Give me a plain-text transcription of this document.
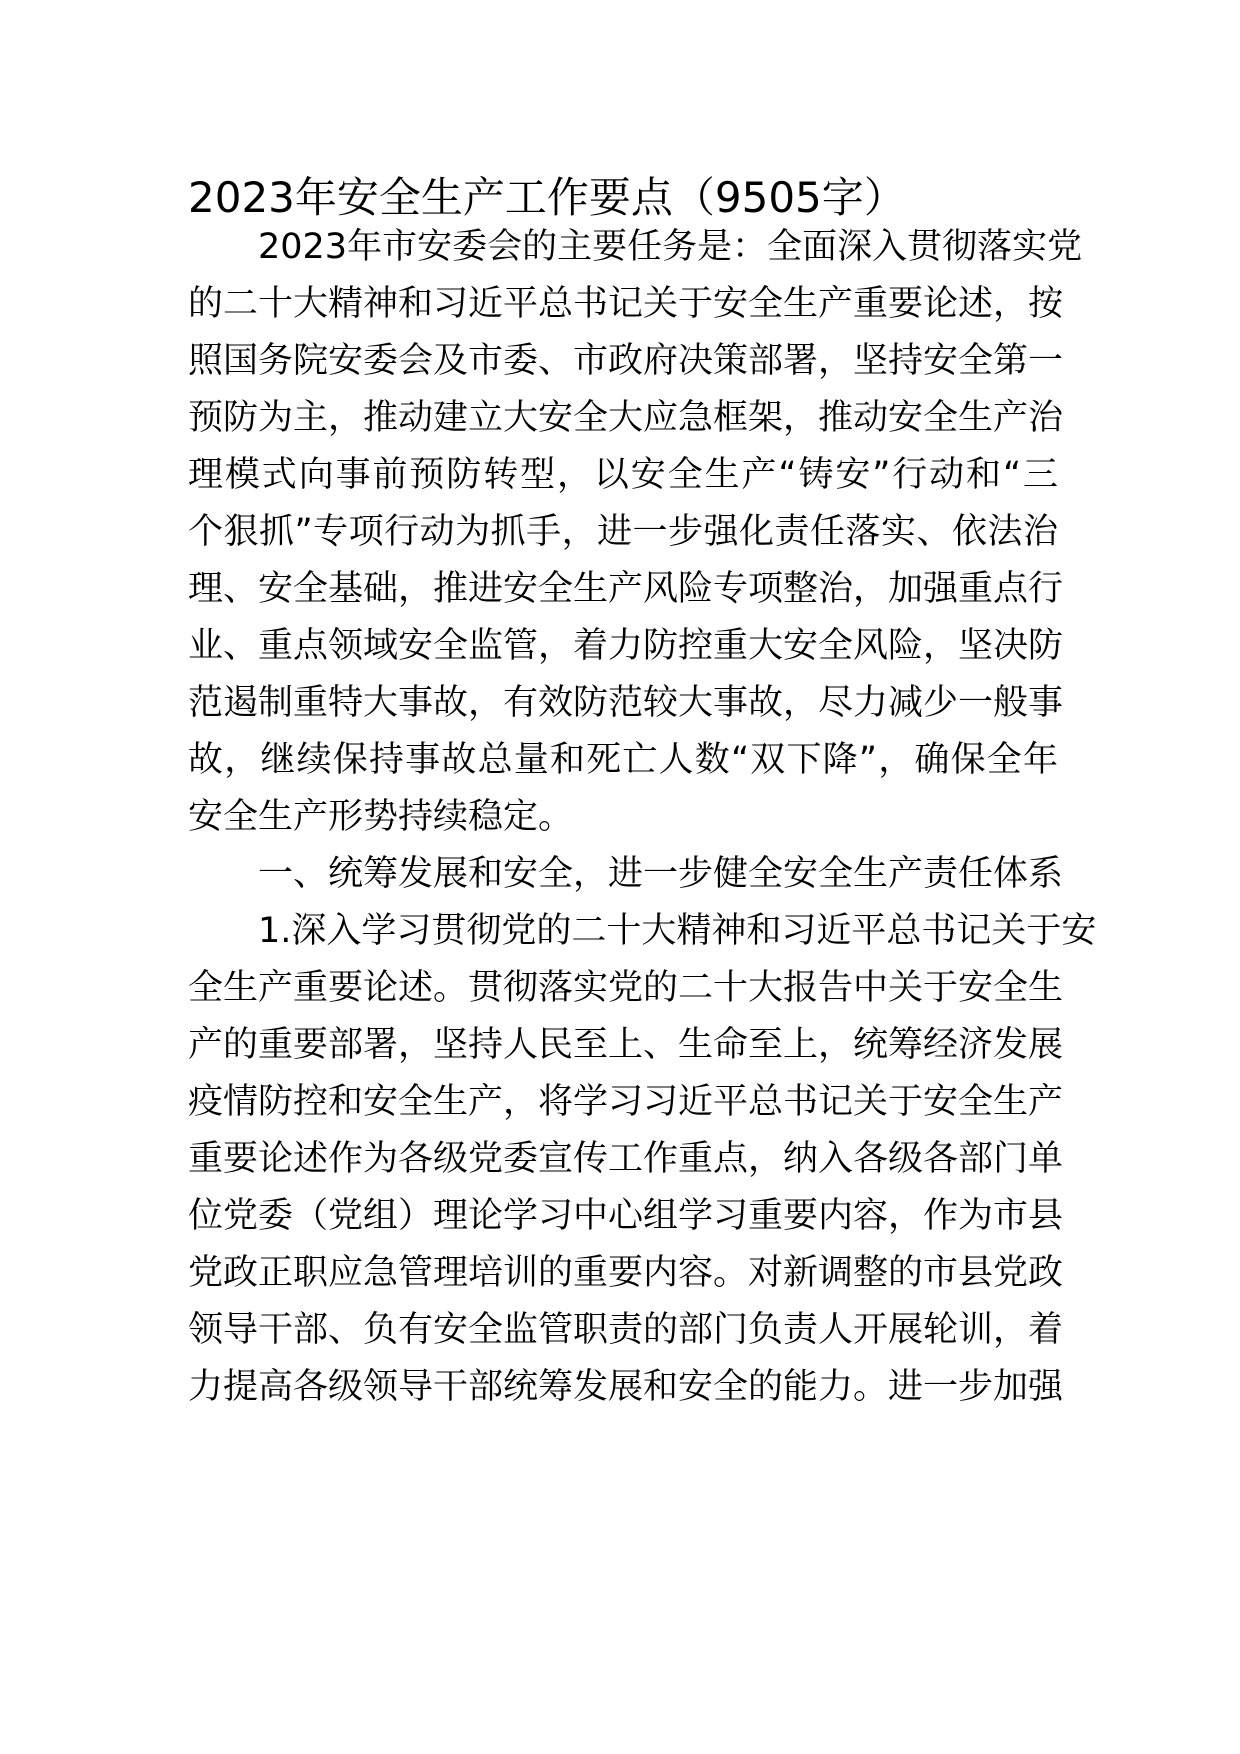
2023年安全生产工作要点（9505字）
2023年市安委会的主要任务是：全面深入贯彻落实党
的二十大精神和习近平总书记关于安全生产重要论述，按
照国务院安委会及市委、市政府决策部署，坚持安全第一
预防为主，推动建立大安全大应急框架，推动安全生产治
理模式向事前预防转型，以安全生产“铸安”行动和“三
个狠抓”专项行动为抓手，进一步强化责任落实、依法治
理、安全基础，推进安全生产风险专项整治，加强重点行
业、重点领域安全监管，着力防控重大安全风险，坚决防
范遏制重特大事故，有效防范较大事故，尽力减少一般事
故，继续保持事故总量和死亡人数“双下降”，确保全年
安全生产形势持续稳定。
一、统筹发展和安全，进一步健全安全生产责任体系
1.深入学习贯彻党的二十大精神和习近平总书记关于安
全生产重要论述。贯彻落实党的二十大报告中关于安全生
产的重要部署，坚持人民至上、生命至上，统筹经济发展
疫情防控和安全生产，将学习习近平总书记关于安全生产
重要论述作为各级党委宣传工作重点，纳入各级各部门单
位党委（党组）理论学习中心组学习重要内容，作为市县
党政正职应急管理培训的重要内容。对新调整的市县党政
领导干部、负有安全监管职责的部门负责人开展轮训，着
力提高各级领导干部统筹发展和安全的能力。进一步加强
